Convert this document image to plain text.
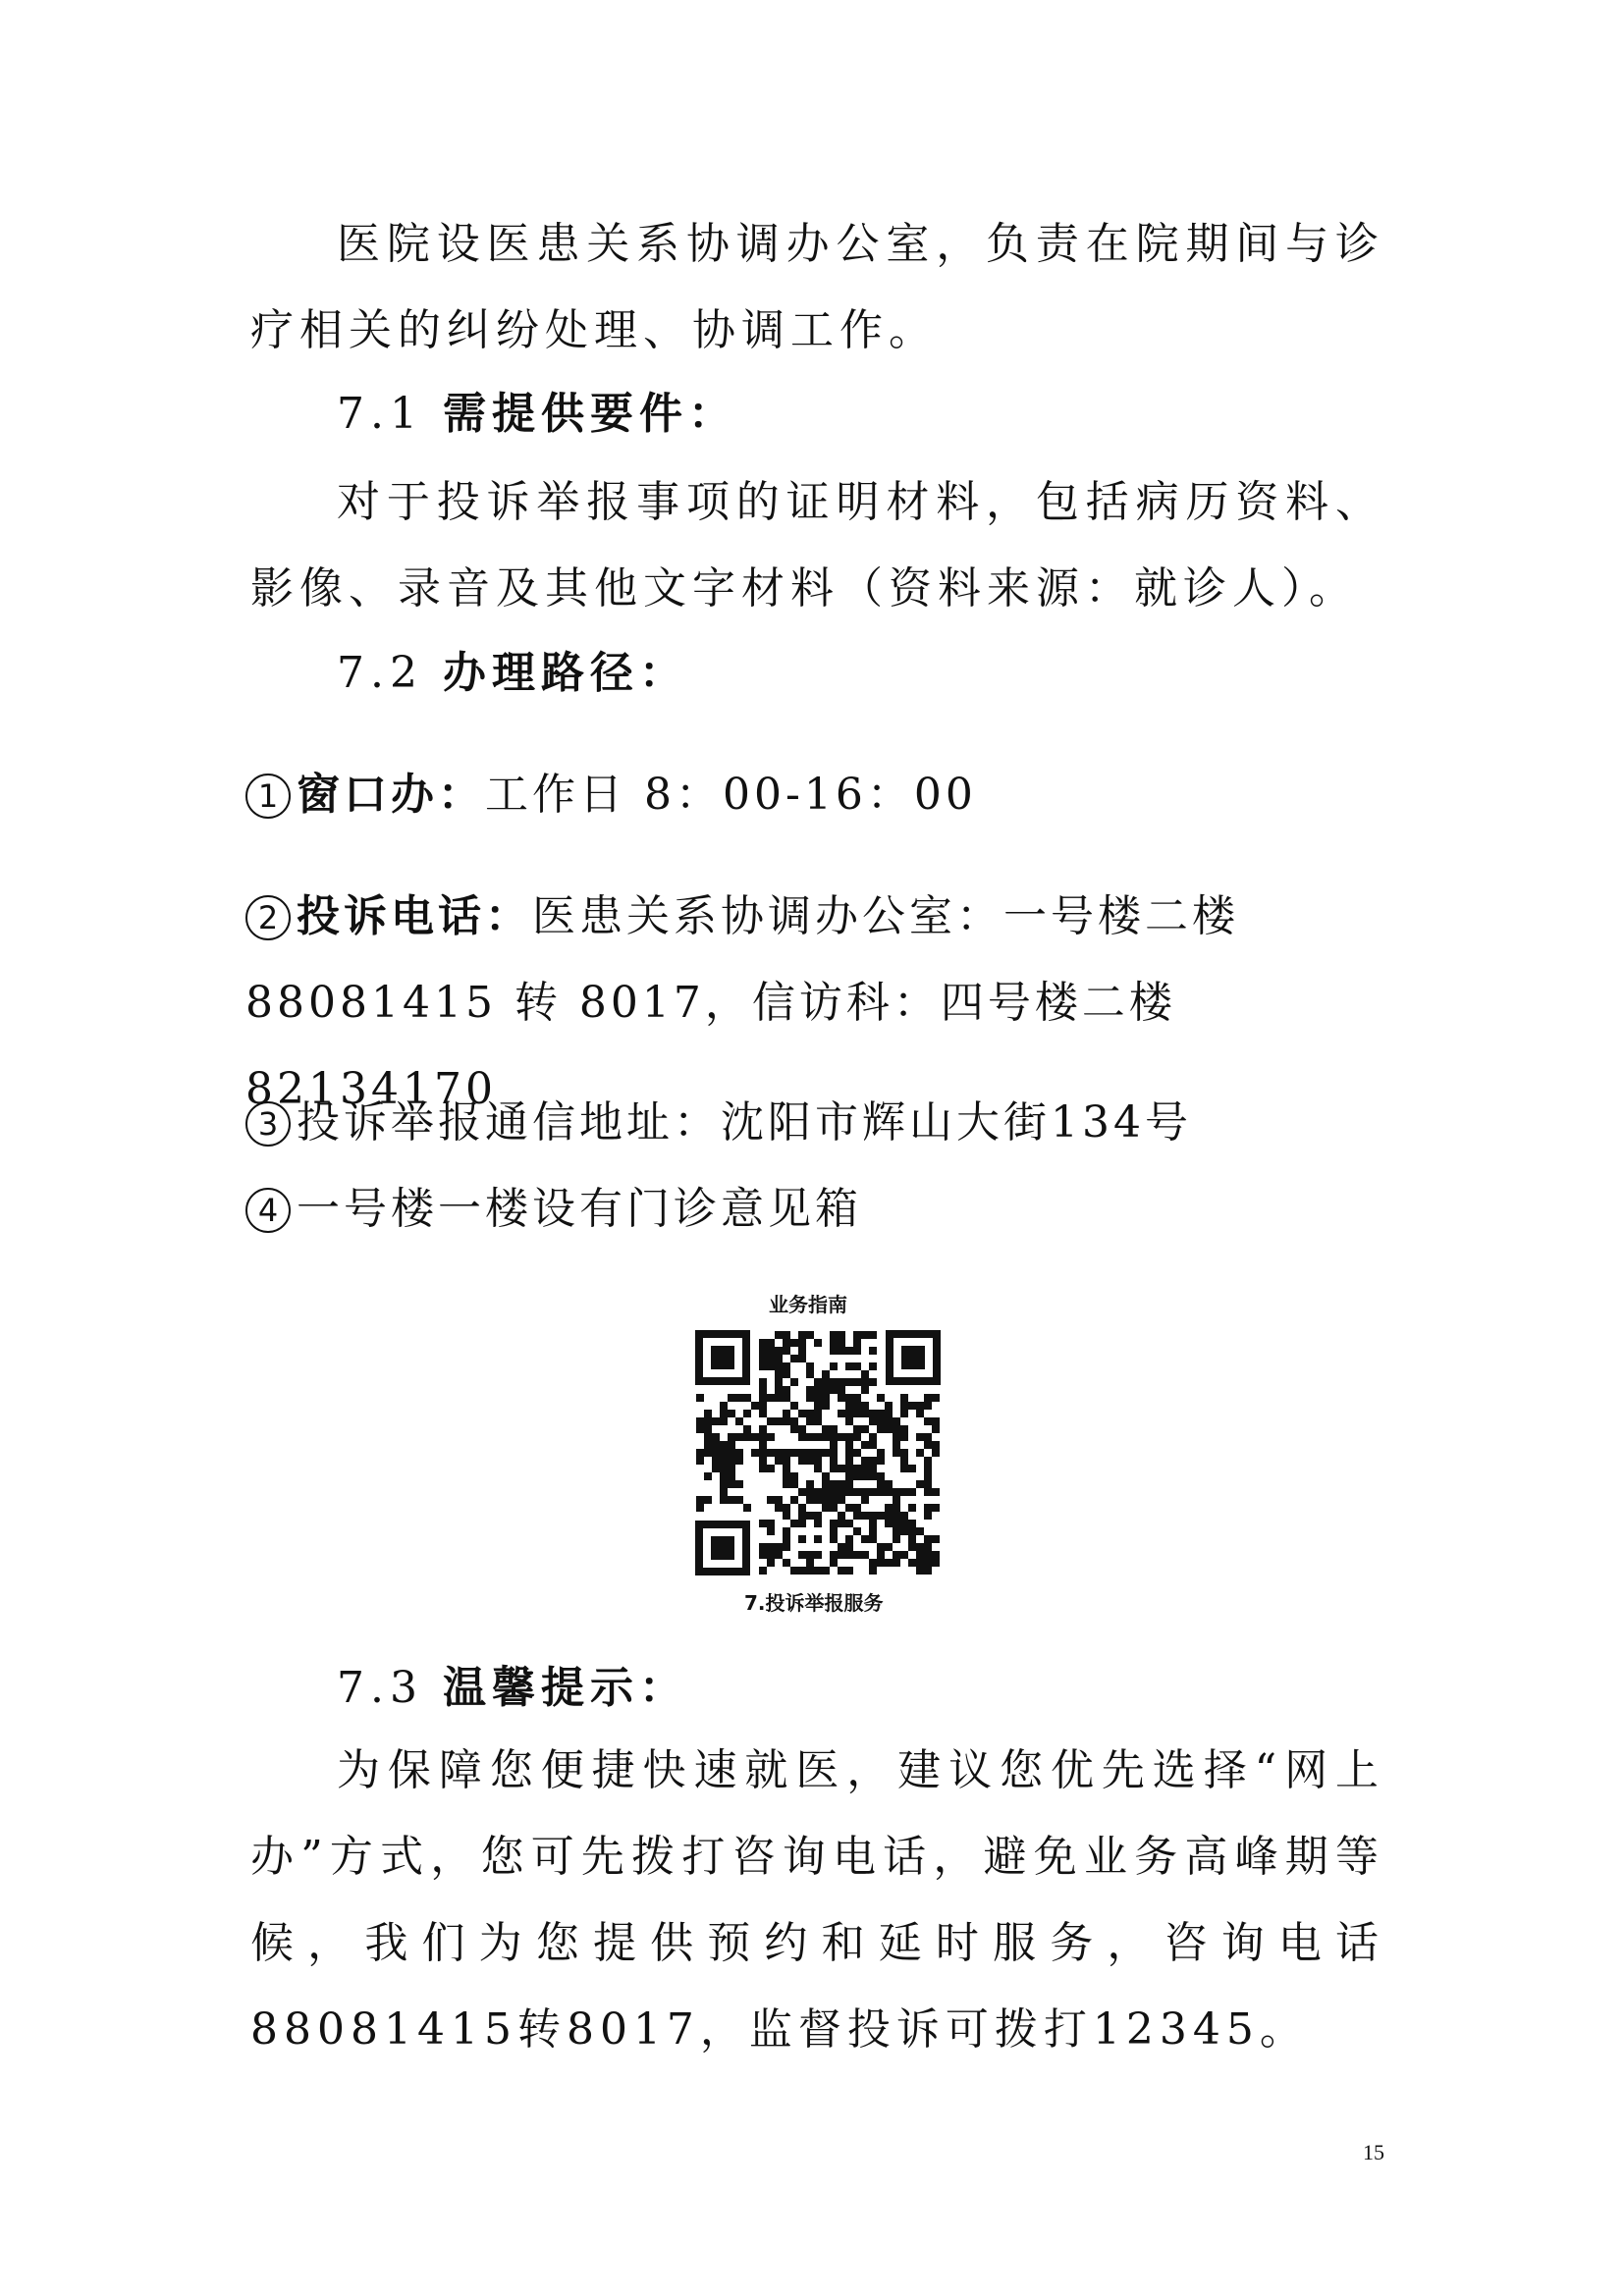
医院设医患关系协调办公室，负责在院期间与诊疗相关的纠纷处理、协调工作。

7.1 需提供要件：

对于投诉举报事项的证明材料，包括病历资料、影像、录音及其他文字材料（资料来源：就诊人）。

7.2 办理路径：

1 窗口办：工作日 8：00-16：00

2 投诉电话：医患关系协调办公室：一号楼二楼 88081415 转 8017，信访科：四号楼二楼 82134170

3 投诉举报通信地址：沈阳市辉山大街134号

4 一号楼一楼设有门诊意见箱

业务指南
7.投诉举报服务
7.3 温馨提示：

为保障您便捷快速就医，建议您优先选择“网上办”方式，您可先拨打咨询电话，避免业务高峰期等候，我们为您提供预约和延时服务，咨询电话88081415转8017，监督投诉可拨打12345。

15
